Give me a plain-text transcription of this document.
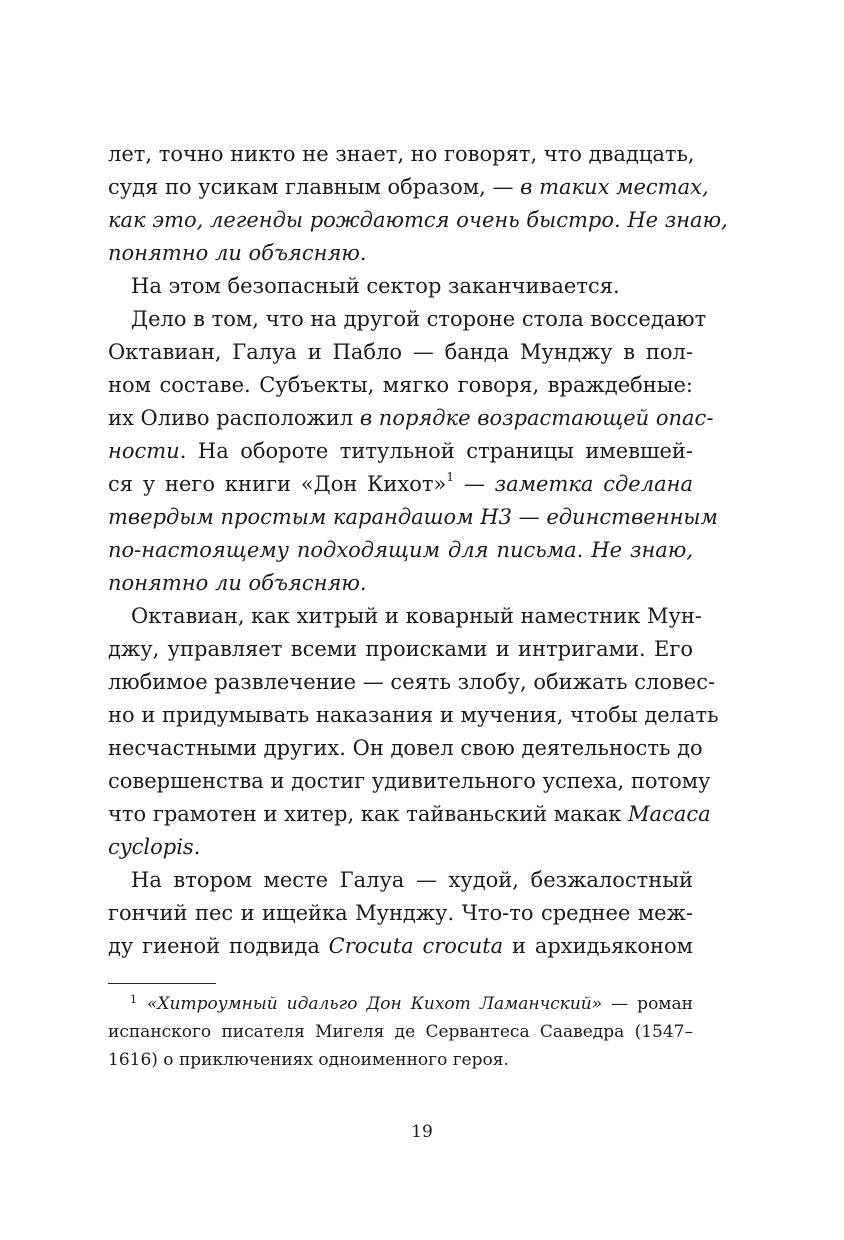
лет, точно никто не знает, но говорят, что двадцать,
судя по усикам главным образом, — в таких местах,
как это, легенды рождаются очень быстро. Не знаю,
понятно ли объясняю.
На этом безопасный сектор заканчивается.
Дело в том, что на другой стороне стола восседают
Октавиан, Галуа и Пабло — банда Мунджу в пол-
ном составе. Субъекты, мягко говоря, враждебные:
их Оливо расположил в порядке возрастающей опас-
ности. На обороте титульной страницы имевшей-
ся у него книги «Дон Кихот»$^1$ — заметка сделана
твердым простым карандашом Н3 — единственным
по-настоящему подходящим для письма. Не знаю,
понятно ли объясняю.
Октавиан, как хитрый и коварный наместник Мун-
джу, управляет всеми происками и интригами. Его
любимое развлечение — сеять злобу, обижать словес-
но и придумывать наказания и мучения, чтобы делать
несчастными других. Он довел свою деятельность до
совершенства и достиг удивительного успеха, потому
что грамотен и хитер, как тайваньский макак Macaca
cyclopis.
На втором месте Галуа — худой, безжалостный
гончий пес и ищейка Мунджу. Что-то среднее меж-
ду гиеной подвида Crocuta crocuta и архидьяконом
$^1$ «Хитроумный идальго Дон Кихот Ламанчский» — роман
испанского писателя Мигеля де Сервантеса Сааведра (1547–
1616) о приключениях одноименного героя.
19
